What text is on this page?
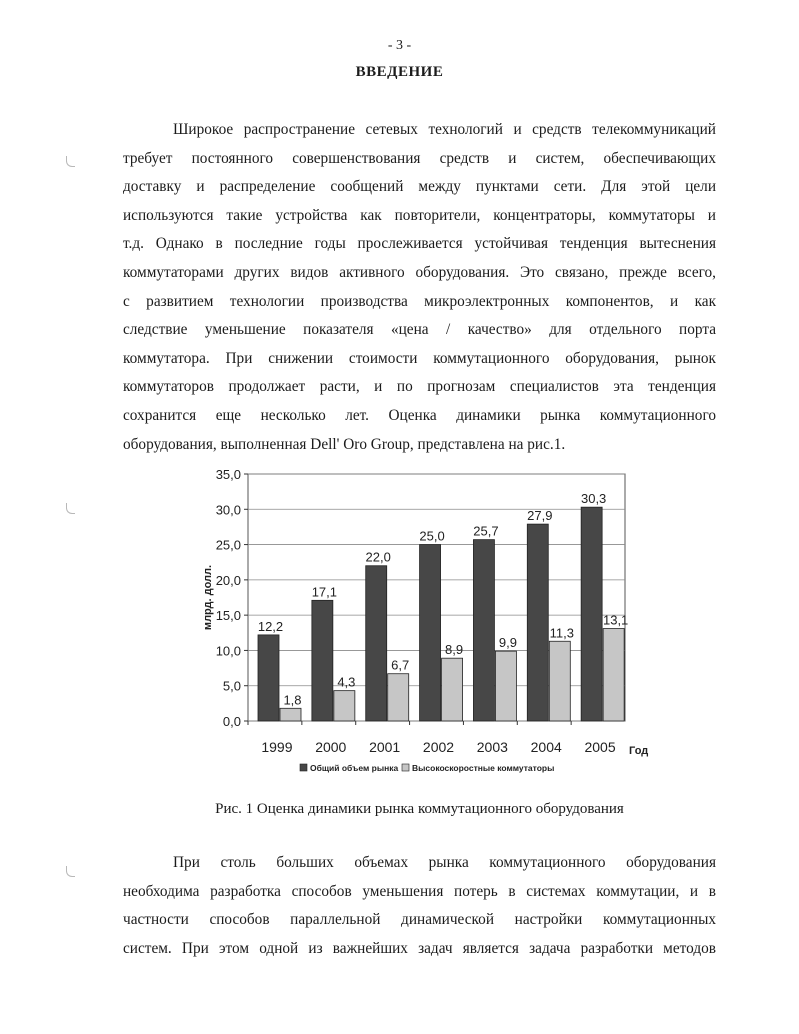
- 3 -
ВВЕДЕНИЕ
Широкое распространение сетевых технологий и средств телекоммуникаций
требует постоянного совершенствования средств и систем, обеспечивающих
доставку и распределение сообщений между пунктами сети. Для этой цели
используются такие устройства как повторители, концентраторы, коммутаторы и
т.д. Однако в последние годы прослеживается устойчивая тенденция вытеснения
коммутаторами других видов активного оборудования. Это связано, прежде всего,
с развитием технологии производства микроэлектронных компонентов, и как
следствие уменьшение показателя «цена / качество» для отдельного порта
коммутатора. При снижении стоимости коммутационного оборудования, рынок
коммутаторов продолжает расти, и по прогнозам специалистов эта тенденция
сохранится еще несколько лет. Оценка динамики рынка коммутационного
оборудования, выполненная Dell' Oro Group, представлена на рис.1.
0,0
5,0
10,0
15,0
20,0
25,0
30,0
35,0
млрд. долл.	12,2
1,8
1999
17,1
4,3
2000
22,0
6,7
2001
25,0
8,9
2002
25,7
9,9
2003
27,9
11,3
2004
30,3
13,1
2005 Год
Общий объем рынка Высокоскоростные коммутаторы
Рис. 1 Оценка динамики рынка коммутационного оборудования
При столь больших объемах рынка коммутационного оборудования
необходима разработка способов уменьшения потерь в системах коммутации, и в
частности способов параллельной динамической настройки коммутационных
систем. При этом одной из важнейших задач является задача разработки методов
